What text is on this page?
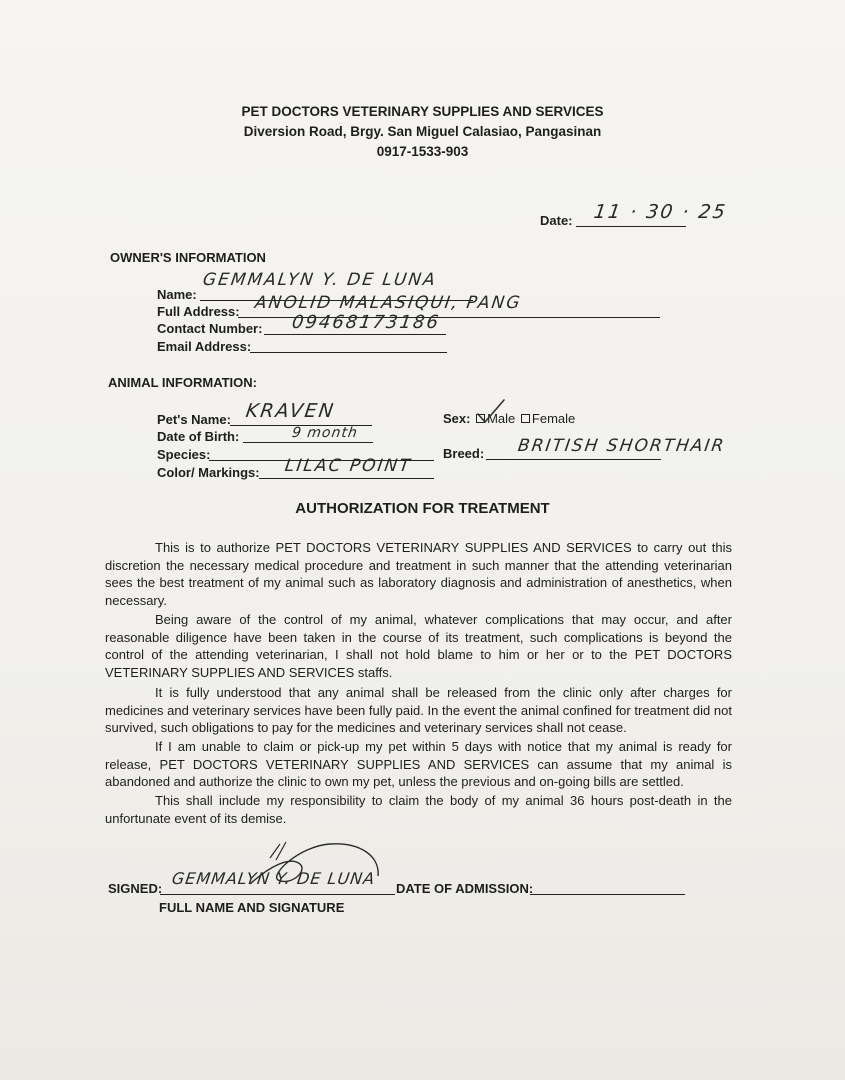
PET DOCTORS VETERINARY SUPPLIES AND SERVICES
Diversion Road, Brgy. San Miguel Calasiao, Pangasinan
0917-1533-903
Date: 11 · 30 · 25
OWNER'S INFORMATION
Name:
GEMMALYN Y. DE LUNA
Full Address: ANOLID MALASIQUI, PANG
Contact Number: 09468173186
Email Address:
ANIMAL INFORMATION:
Pet's Name: KRAVEN
Date of Birth:	9 month
Species:
Color/ Markings: LILAC POINT
Sex: Male Female
Breed: BRITISH SHORTHAIR
AUTHORIZATION FOR TREATMENT
This is to authorize PET DOCTORS VETERINARY SUPPLIES AND SERVICES to carry out this discretion the necessary medical procedure and treatment in such manner that the attending veterinarian sees the best treatment of my animal such as laboratory diagnosis and administration of anesthetics, when necessary.
Being aware of the control of my animal, whatever complications that may occur, and after reasonable diligence have been taken in the course of its treatment, such complications is beyond the control of the attending veterinarian, I shall not hold blame to him or her or to the PET DOCTORS VETERINARY SUPPLIES AND SERVICES staffs.
It is fully understood that any animal shall be released from the clinic only after charges for medicines and veterinary services have been fully paid. In the event the animal confined for treatment did not survived, such obligations to pay for the medicines and veterinary services shall not cease.
If I am unable to claim or pick-up my pet within 5 days with notice that my animal is ready for release, PET DOCTORS VETERINARY SUPPLIES AND SERVICES can assume that my animal is abandoned and authorize the clinic to own my pet, unless the previous and on-going bills are settled.
This shall include my responsibility to claim the body of my animal 36 hours post-death in the unfortunate event of its demise.
SIGNED:
GEMMALYN Y. DE LUNA
FULL NAME AND SIGNATURE
DATE OF ADMISSION:
